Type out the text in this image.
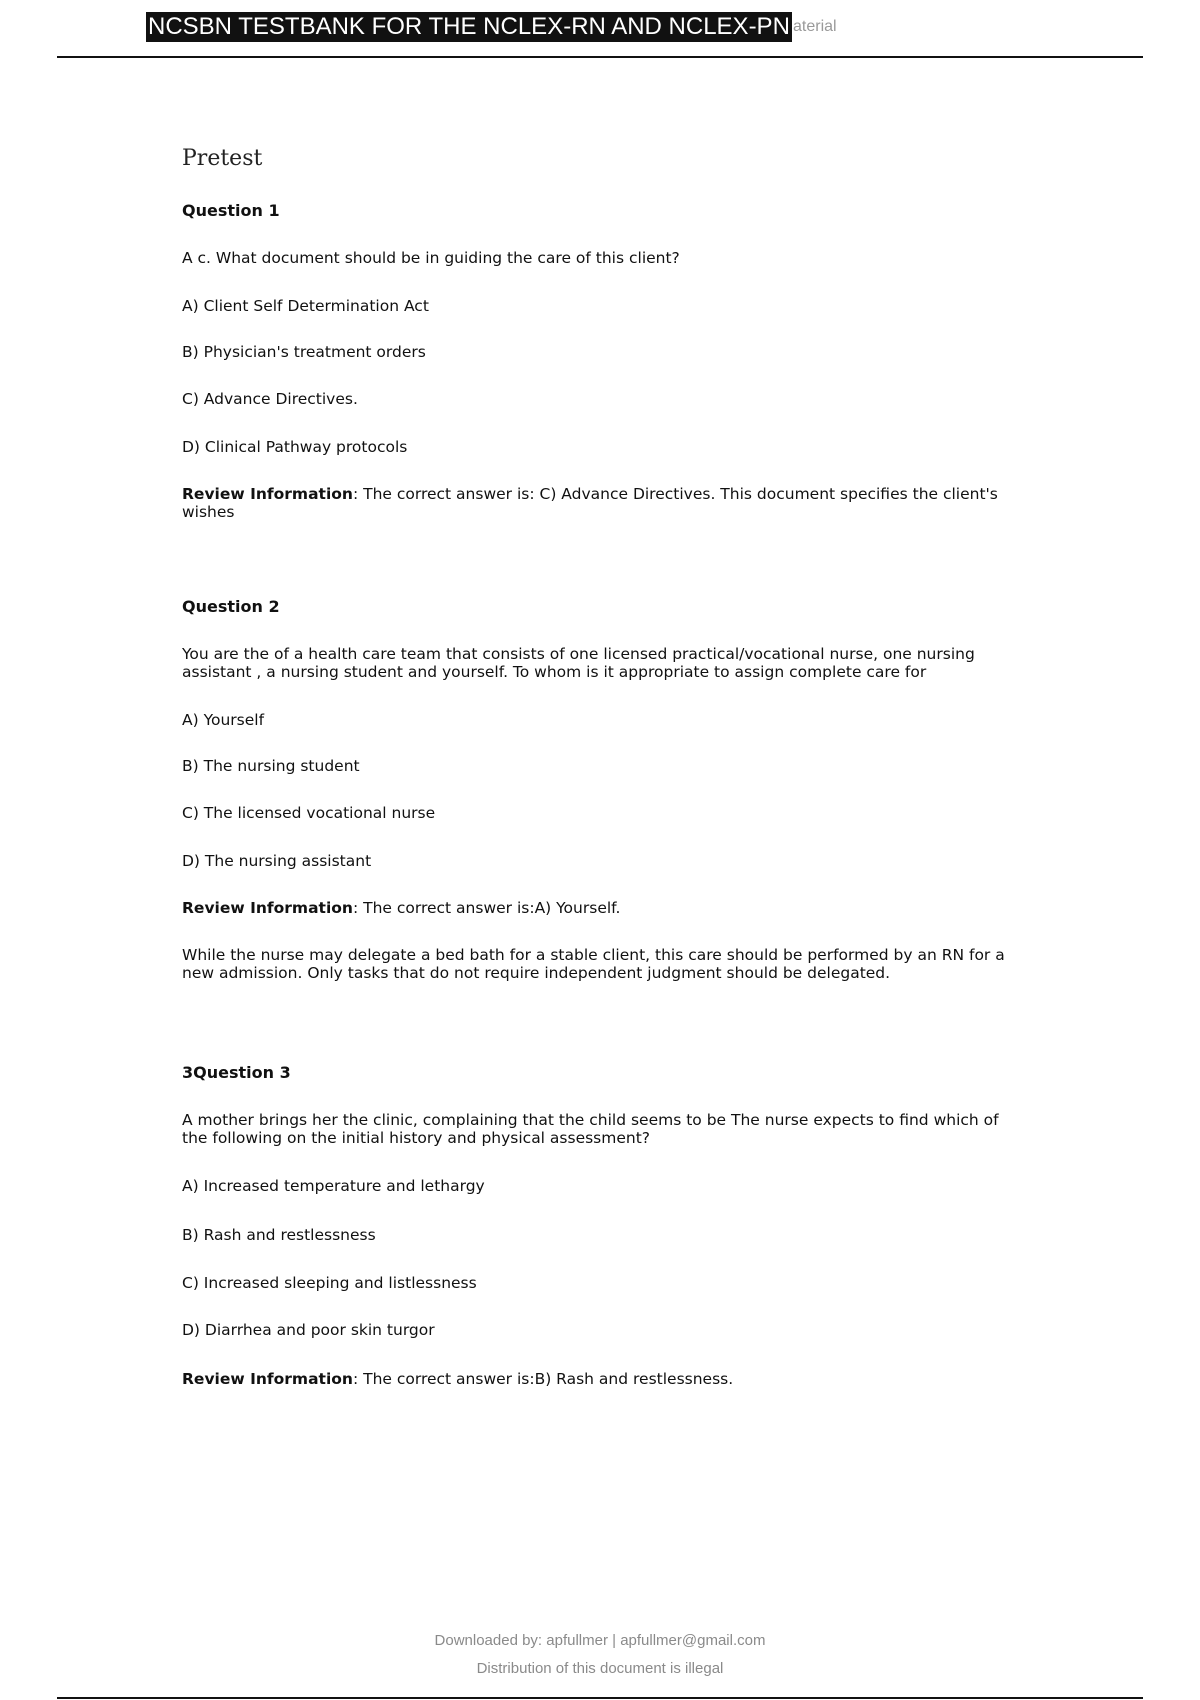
aterial
NCSBN TESTBANK FOR THE NCLEX-RN AND NCLEX-PN
Pretest

Question 1

A c. What document should be in guiding the care of this client?

A) Client Self Determination Act

B) Physician's treatment orders

C) Advance Directives.

D) Clinical Pathway protocols

Review Information: The correct answer is: C) Advance Directives. This document specifies the client's

wishes

Question 2

You are the of a health care team that consists of one licensed practical/vocational nurse, one nursing

assistant , a nursing student and yourself. To whom is it appropriate to assign complete care for

A) Yourself

B) The nursing student

C) The licensed vocational nurse

D) The nursing assistant

Review Information: The correct answer is:A) Yourself.

While the nurse may delegate a bed bath for a stable client, this care should be performed by an RN for a

new admission. Only tasks that do not require independent judgment should be delegated.

3Question 3

A mother brings her the clinic, complaining that the child seems to be The nurse expects to find which of

the following on the initial history and physical assessment?

A) Increased temperature and lethargy

B) Rash and restlessness

C) Increased sleeping and listlessness

D) Diarrhea and poor skin turgor

Review Information: The correct answer is:B) Rash and restlessness.

Downloaded by: apfullmer | apfullmer@gmail.com
Distribution of this document is illegal
